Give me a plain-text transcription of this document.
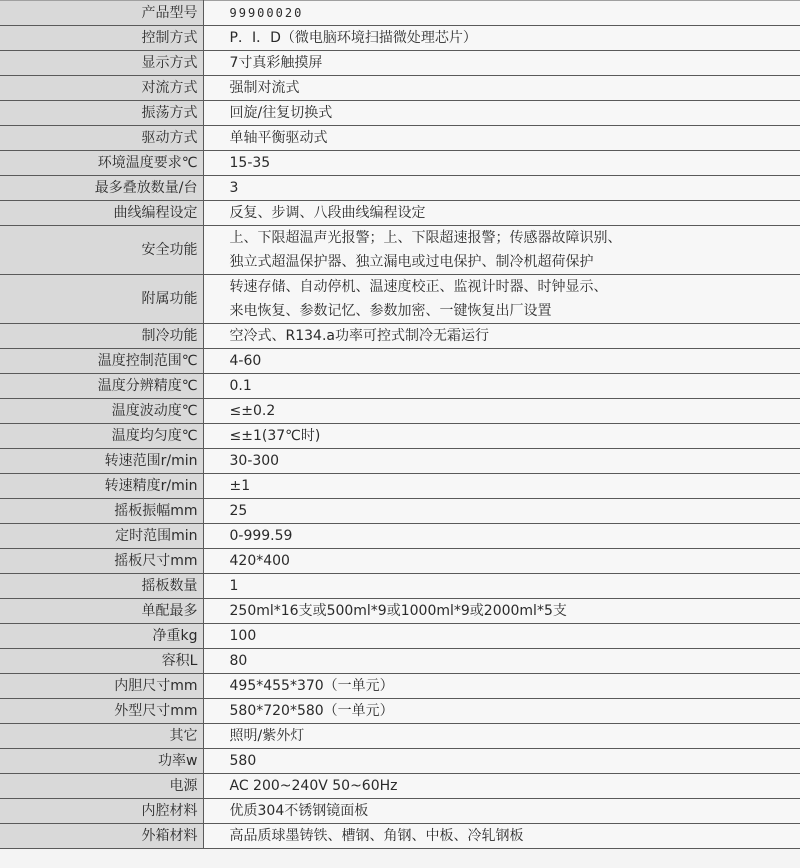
产品型号	99900020

控制方式	P．I．D（微电脑环境扫描微处理芯片）

显示方式	7寸真彩触摸屏

对流方式	强制对流式

振荡方式	回旋/往复切换式

驱动方式	单轴平衡驱动式

环境温度要求℃	15-35

最多叠放数量/台	3

曲线编程设定	反复、步调、八段曲线编程设定

安全功能	上、下限超温声光报警；上、下限超速报警；传感器故障识别、
独立式超温保护器、独立漏电或过电保护、制冷机超荷保护

附属功能	转速存储、自动停机、温速度校正、监视计时器、时钟显示、
来电恢复、参数记忆、参数加密、一键恢复出厂设置

制冷功能	空冷式、R134.a功率可控式制冷无霜运行

温度控制范围℃	4-60

温度分辨精度℃	0.1

温度波动度℃	≤±0.2

温度均匀度℃	≤±1(37℃时)

转速范围r/min	30-300

转速精度r/min	±1

摇板振幅mm	25

定时范围min	0-999.59

摇板尺寸mm	420*400

摇板数量	1

单配最多	250ml*16支或500ml*9或1000ml*9或2000ml*5支

净重kg	100

容积L	80

内胆尺寸mm	495*455*370（一单元）

外型尺寸mm	580*720*580（一单元）

其它	照明/紫外灯

功率w	580

电源	AC 200~240V 50~60Hz

内腔材料	优质304不锈钢镜面板

外箱材料	高品质球墨铸铁、槽钢、角钢、中板、冷轧钢板
